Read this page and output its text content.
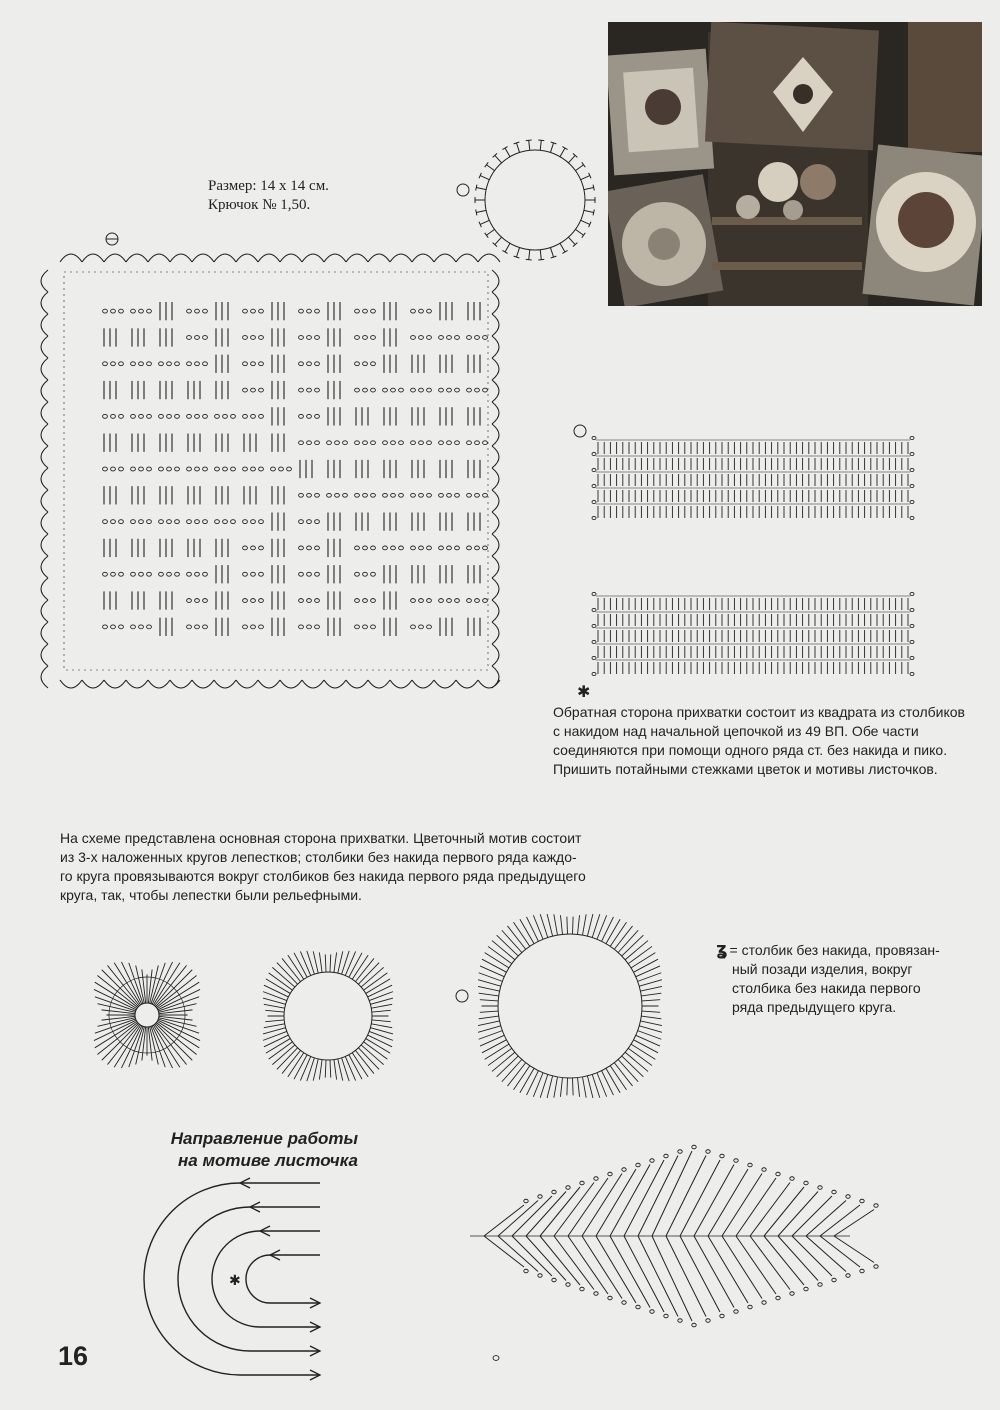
✱
✱
Размер: 14 x 14 см.
Крючок № 1,50.
Обратная сторона прихватки состоит из квадрата из столбиков
с накидом над начальной цепочкой из 49 ВП. Обе части
соединяются при помощи одного ряда ст. без накида и пико.
Пришить потайными стежками цветок и мотивы листочков.
На схеме представлена основная сторона прихватки. Цветочный мотив состоит
из 3-х наложенных кругов лепестков; столбики без накида первого ряда каждо-
го круга провязываются вокруг столбиков без накида первого ряда предыдущего
круга, так, чтобы лепестки были рельефными.
ʓ = столбик без накида, провязан-
ный позади изделия, вокруг
столбика без накида первого
ряда предыдущего круга.
Направление работы
на мотиве листочка
16
